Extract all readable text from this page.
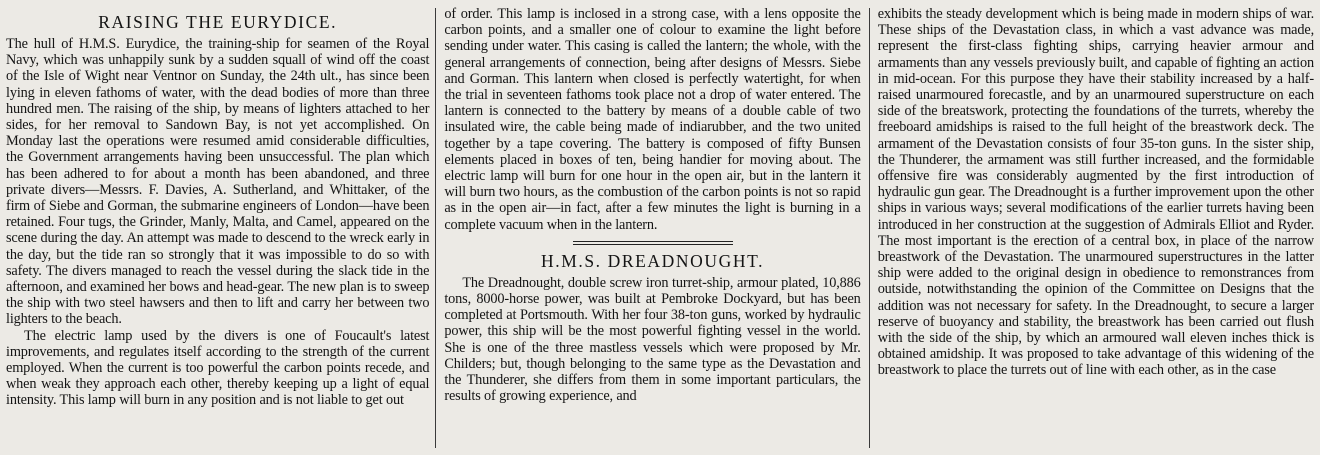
RAISING THE EURYDICE.

The hull of H.M.S. Eurydice, the training-ship for seamen of the Royal Navy, which was unhappily sunk by a sudden squall of wind off the coast of the Isle of Wight near Ventnor on Sunday, the 24th ult., has since been lying in eleven fathoms of water, with the dead bodies of more than three hundred men. The raising of the ship, by means of lighters attached to her sides, for her removal to Sandown Bay, is not yet accomplished. On Monday last the operations were resumed amid considerable difficulties, the Government arrangements having been unsuccessful. The plan which has been adhered to for about a month has been abandoned, and three private divers—Messrs. F. Davies, A. Sutherland, and Whittaker, of the firm of Siebe and Gorman, the submarine engineers of London—have been retained. Four tugs, the Grinder, Manly, Malta, and Camel, appeared on the scene during the day. An attempt was made to descend to the wreck early in the day, but the tide ran so strongly that it was impossible to do so with safety. The divers managed to reach the vessel during the slack tide in the afternoon, and examined her bows and head-gear. The new plan is to sweep the ship with two steel hawsers and then to lift and carry her between two lighters to the beach.

The electric lamp used by the divers is one of Foucault's latest improvements, and regulates itself according to the strength of the current employed. When the current is too powerful the carbon points recede, and when weak they approach each other, thereby keeping up a light of equal intensity. This lamp will burn in any position and is not liable to get out

of order. This lamp is inclosed in a strong case, with a lens opposite the carbon points, and a smaller one of colour to examine the light before sending under water. This casing is called the lantern; the whole, with the general arrangements of connection, being after designs of Messrs. Siebe and Gorman. This lantern when closed is perfectly watertight, for when the trial in seventeen fathoms took place not a drop of water entered. The lantern is connected to the battery by means of a double cable of two insulated wire, the cable being made of indiarubber, and the two united together by a tape covering. The battery is composed of fifty Bunsen elements placed in boxes of ten, being handier for moving about. The electric lamp will burn for one hour in the open air, but in the lantern it will burn two hours, as the combustion of the carbon points is not so rapid as in the open air—in fact, after a few minutes the light is burning in a complete vacuum when in the lantern.

H.M.S. DREADNOUGHT.

The Dreadnought, double screw iron turret-ship, armour plated, 10,886 tons, 8000-horse power, was built at Pembroke Dockyard, but has been completed at Portsmouth. With her four 38-ton guns, worked by hydraulic power, this ship will be the most powerful fighting vessel in the world. She is one of the three mastless vessels which were proposed by Mr. Childers; but, though belonging to the same type as the Devastation and the Thunderer, she differs from them in some important particulars, the results of growing experience, and

exhibits the steady development which is being made in modern ships of war. These ships of the Devastation class, in which a vast advance was made, represent the first-class fighting ships, carrying heavier armour and armaments than any vessels previously built, and capable of fighting an action in mid-ocean. For this purpose they have their stability increased by a half-raised unarmoured forecastle, and by an unarmoured superstructure on each side of the breatswork, protecting the foundations of the turrets, whereby the freeboard amidships is raised to the full height of the breastwork deck. The armament of the Devastation consists of four 35-ton guns. In the sister ship, the Thunderer, the armament was still further increased, and the formidable offensive fire was considerably augmented by the first introduction of hydraulic gun gear. The Dreadnought is a further improvement upon the other ships in various ways; several modifications of the earlier turrets having been introduced in her construction at the suggestion of Admirals Elliot and Ryder. The most important is the erection of a central box, in place of the narrow breastwork of the Devastation. The unarmoured superstructures in the latter ship were added to the original design in obedience to remonstrances from outside, notwithstanding the opinion of the Committee on Designs that the addition was not necessary for safety. In the Dreadnought, to secure a larger reserve of buoyancy and stability, the breastwork has been carried out flush with the side of the ship, by which an armoured wall eleven inches thick is obtained amidship. It was proposed to take advantage of this widening of the breastwork to place the turrets out of line with each other, as in the case
